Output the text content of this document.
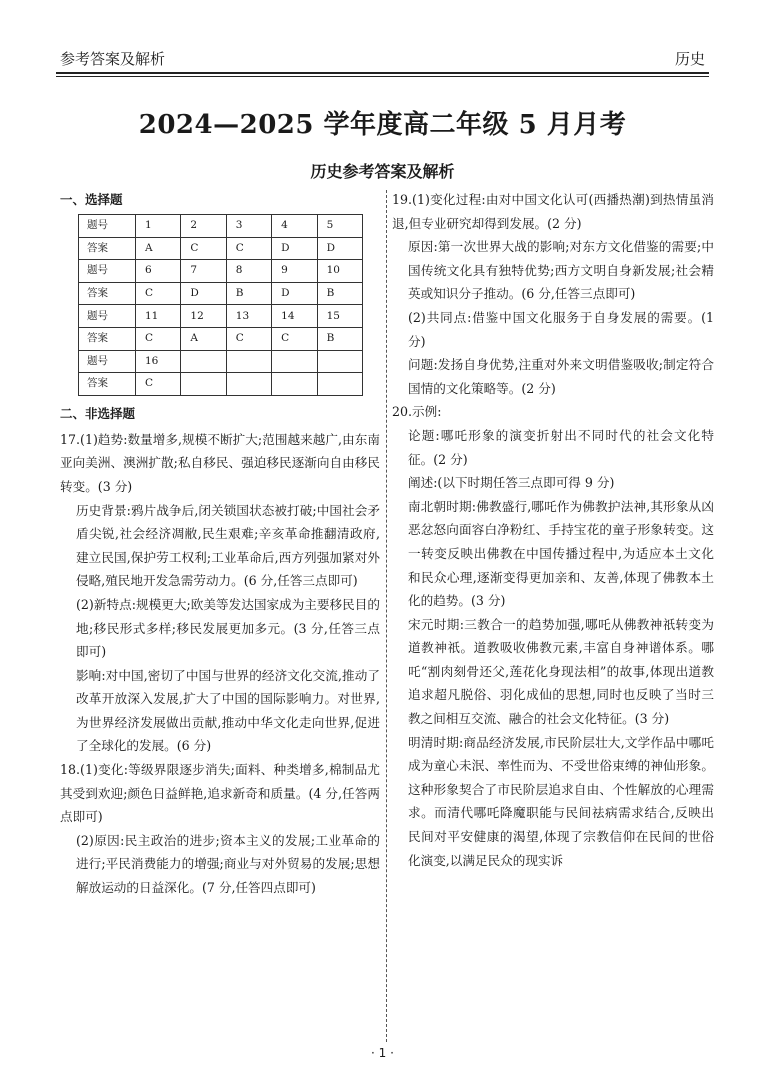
参考答案及解析	历史
2024—2025 学年度高二年级 5 月月考
历史参考答案及解析
一、选择题
题号	1	2	3	4	5
答案	A	C	C	D	D
题号	6	7	8	9	10
答案	C	D	B	D	B
题号	11	12	13	14	15
答案	C	A	C	C	B
题号	16				
答案	C				
二、非选择题

17.(1)趋势:数量增多,规模不断扩大;范围越来越广,由东南亚向美洲、澳洲扩散;私自移民、强迫移民逐渐向自由移民转变。(3 分)

历史背景:鸦片战争后,闭关锁国状态被打破;中国社会矛盾尖锐,社会经济凋敝,民生艰难;辛亥革命推翻清政府,建立民国,保护劳工权利;工业革命后,西方列强加紧对外侵略,殖民地开发急需劳动力。(6 分,任答三点即可)

(2)新特点:规模更大;欧美等发达国家成为主要移民目的地;移民形式多样;移民发展更加多元。(3 分,任答三点即可)

影响:对中国,密切了中国与世界的经济文化交流,推动了改革开放深入发展,扩大了中国的国际影响力。对世界,为世界经济发展做出贡献,推动中华文化走向世界,促进了全球化的发展。(6 分)

18.(1)变化:等级界限逐步消失;面料、种类增多,棉制品尤其受到欢迎;颜色日益鲜艳,追求新奇和质量。(4 分,任答两点即可)

(2)原因:民主政治的进步;资本主义的发展;工业革命的进行;平民消费能力的增强;商业与对外贸易的发展;思想解放运动的日益深化。(7 分,任答四点即可)

19.(1)变化过程:由对中国文化认可(西播热潮)到热情虽消退,但专业研究却得到发展。(2 分)

原因:第一次世界大战的影响;对东方文化借鉴的需要;中国传统文化具有独特优势;西方文明自身新发展;社会精英或知识分子推动。(6 分,任答三点即可)

(2)共同点:借鉴中国文化服务于自身发展的需要。(1 分)

问题:发扬自身优势,注重对外来文明借鉴吸收;制定符合国情的文化策略等。(2 分)

20.示例:

论题:哪吒形象的演变折射出不同时代的社会文化特征。(2 分)

阐述:(以下时期任答三点即可得 9 分)

南北朝时期:佛教盛行,哪吒作为佛教护法神,其形象从凶恶忿怒向面容白净粉红、手持宝花的童子形象转变。这一转变反映出佛教在中国传播过程中,为适应本土文化和民众心理,逐渐变得更加亲和、友善,体现了佛教本土化的趋势。(3 分)

宋元时期:三教合一的趋势加强,哪吒从佛教神祇转变为道教神祇。道教吸收佛教元素,丰富自身神谱体系。哪吒“割肉刻骨还父,莲花化身现法相”的故事,体现出道教追求超凡脱俗、羽化成仙的思想,同时也反映了当时三教之间相互交流、融合的社会文化特征。(3 分)

明清时期:商品经济发展,市民阶层壮大,文学作品中哪吒成为童心未泯、率性而为、不受世俗束缚的神仙形象。这种形象契合了市民阶层追求自由、个性解放的心理需求。而清代哪吒降魔职能与民间祛病需求结合,反映出民间对平安健康的渴望,体现了宗教信仰在民间的世俗化演变,以满足民众的现实诉

· 1 ·
